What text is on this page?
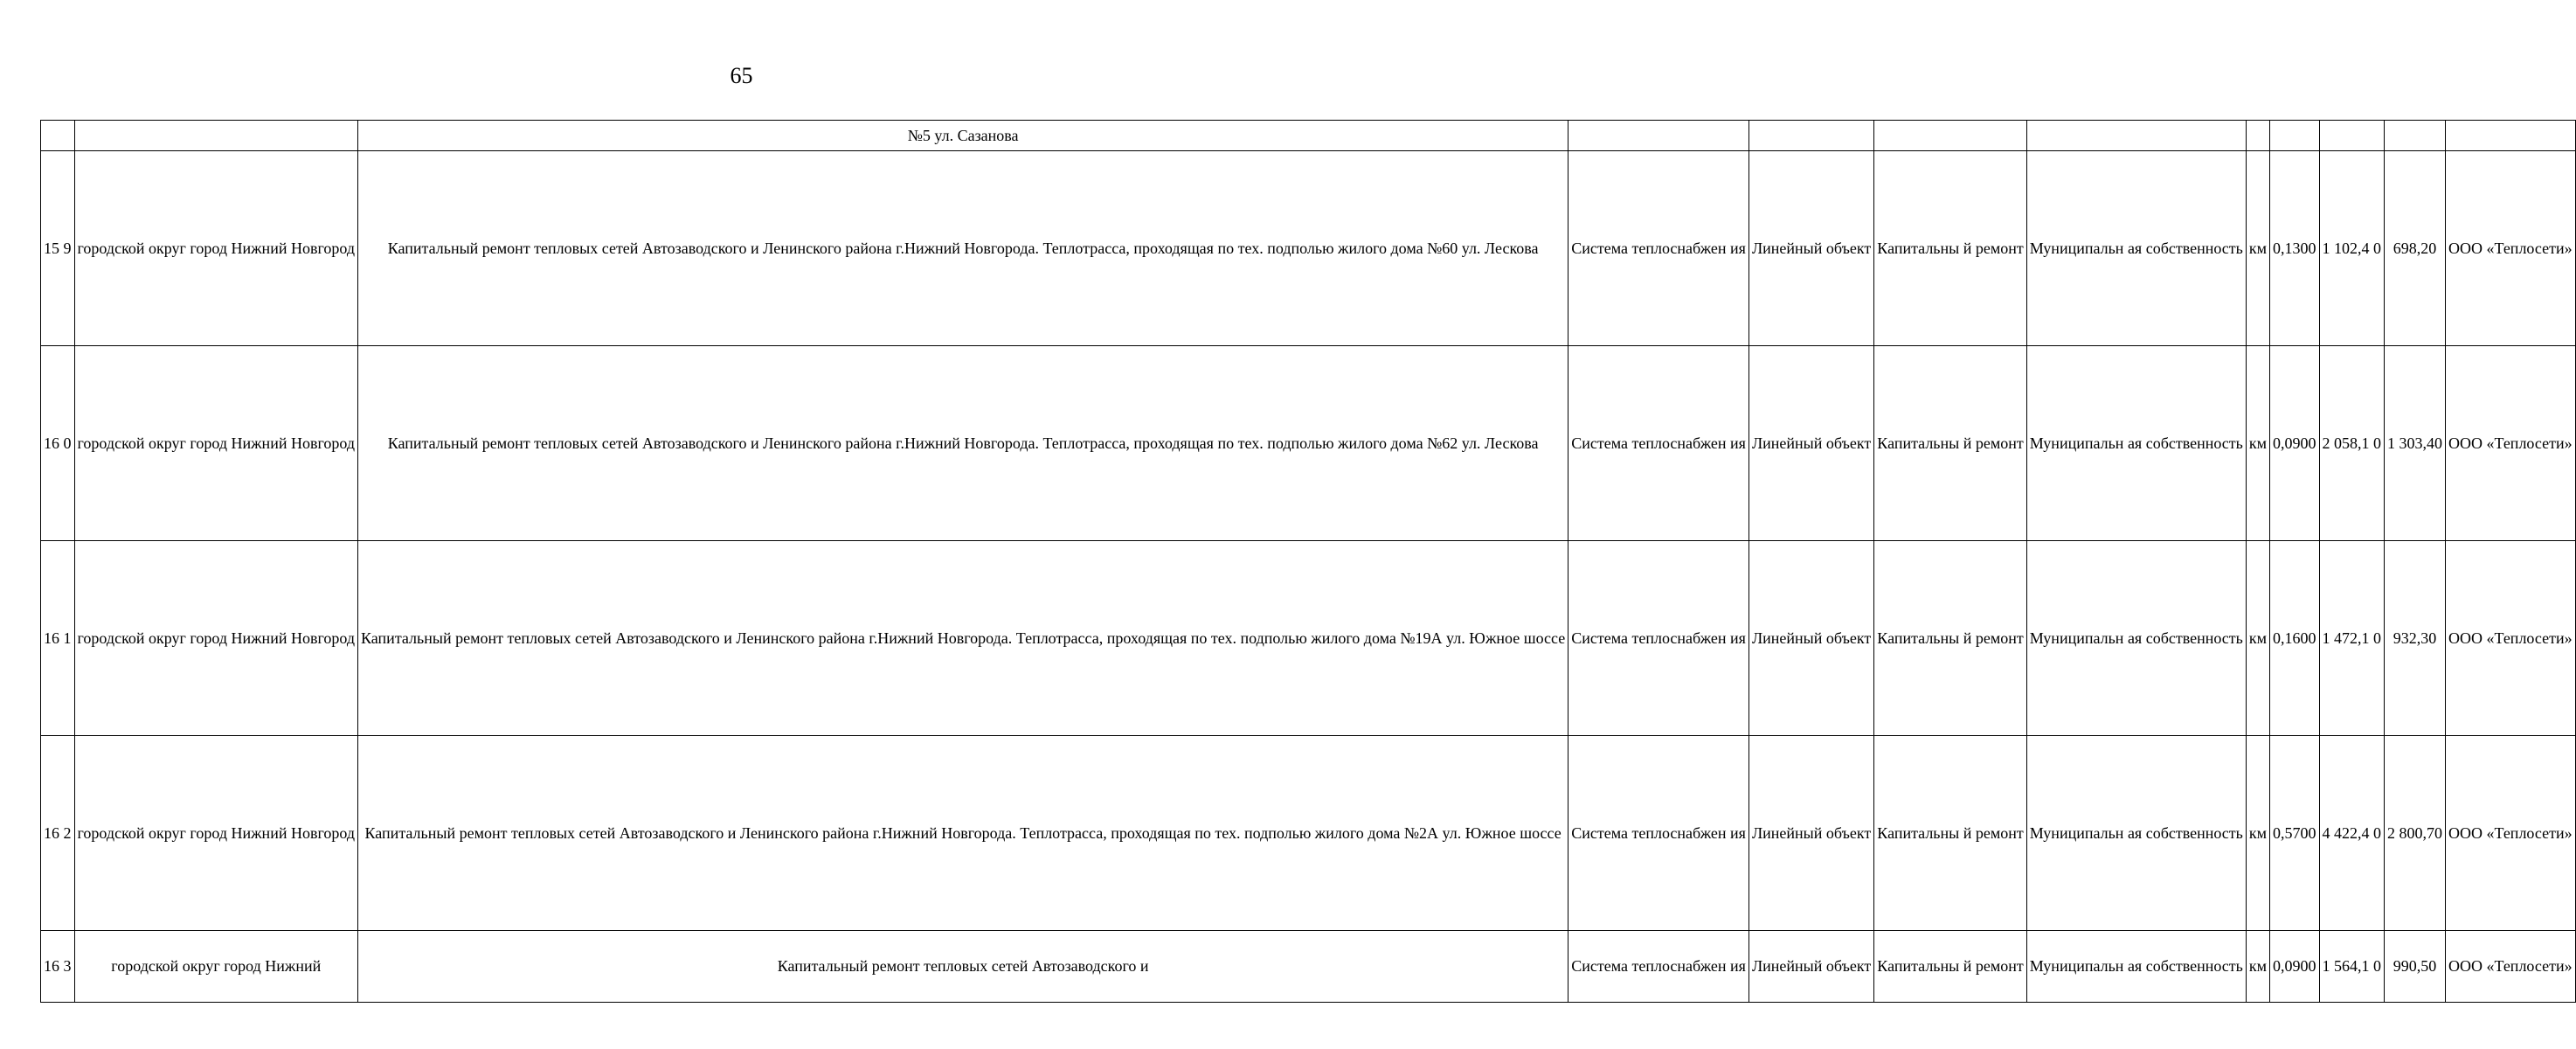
65
		№5 ул. Сазанова									
15 9	городской округ город Нижний Новгород	Капитальный ремонт тепловых сетей Автозаводского и Ленинского района г.Нижний Новгорода. Теплотрасса, проходящая по тех. подполью жилого дома №60 ул. Лескова	Система теплоснабжен ия	Линейный объект	Капитальны й ремонт	Муниципальн ая собственность	км	0,1300	1 102,4 0	698,20	ООО «Теплосети»
16 0	городской округ город Нижний Новгород	Капитальный ремонт тепловых сетей Автозаводского и Ленинского района г.Нижний Новгорода. Теплотрасса, проходящая по тех. подполью жилого дома №62 ул. Лескова	Система теплоснабжен ия	Линейный объект	Капитальны й ремонт	Муниципальн ая собственность	км	0,0900	2 058,1 0	1 303,40	ООО «Теплосети»
16 1	городской округ город Нижний Новгород	Капитальный ремонт тепловых сетей Автозаводского и Ленинского района г.Нижний Новгорода. Теплотрасса, проходящая по тех. подполью жилого дома №19А ул. Южное шоссе	Система теплоснабжен ия	Линейный объект	Капитальны й ремонт	Муниципальн ая собственность	км	0,1600	1 472,1 0	932,30	ООО «Теплосети»
16 2	городской округ город Нижний Новгород	Капитальный ремонт тепловых сетей Автозаводского и Ленинского района г.Нижний Новгорода. Теплотрасса, проходящая по тех. подполью жилого дома №2А ул. Южное шоссе	Система теплоснабжен ия	Линейный объект	Капитальны й ремонт	Муниципальн ая собственность	км	0,5700	4 422,4 0	2 800,70	ООО «Теплосети»
16 3	городской округ город Нижний	Капитальный ремонт тепловых сетей Автозаводского и	Система теплоснабжен ия	Линейный объект	Капитальны й ремонт	Муниципальн ая собственность	км	0,0900	1 564,1 0	990,50	ООО «Теплосети»
